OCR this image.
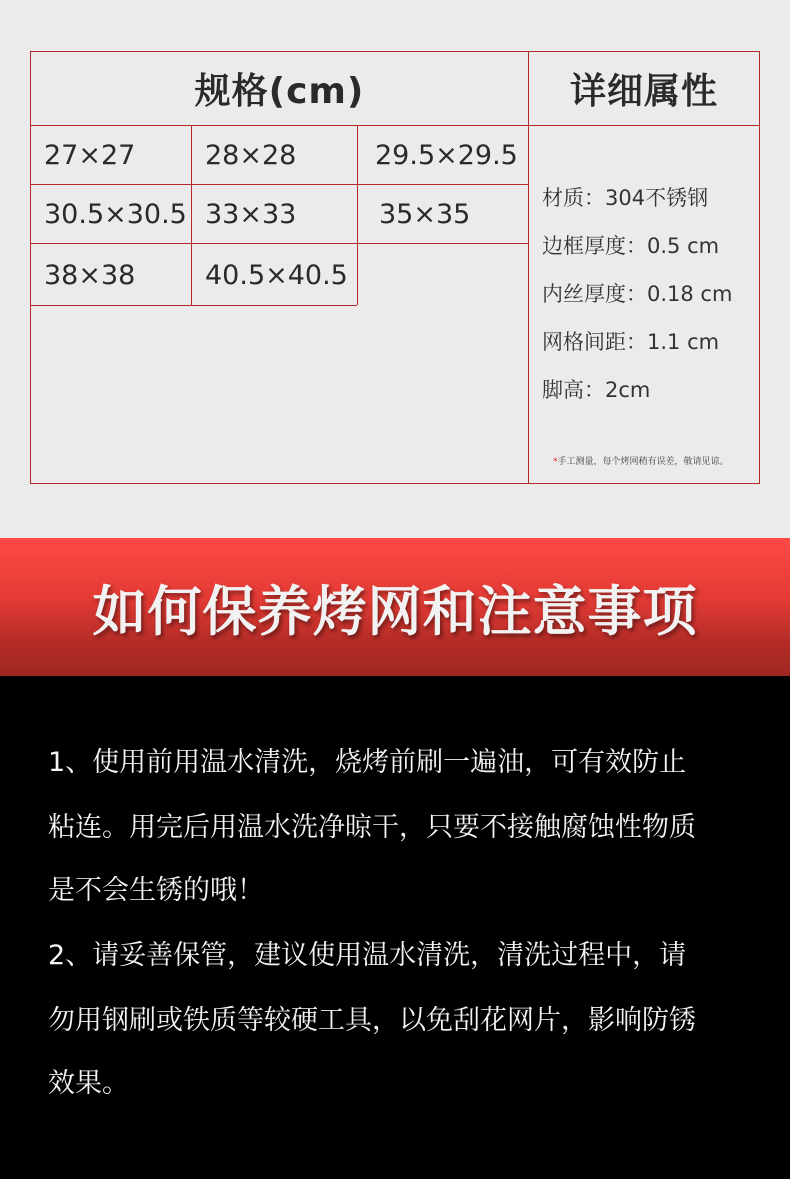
规格(cm)	详细属性
27×27	28×28	29.5×29.5
30.5×30.5 33×33	35×35
38×38	40.5×40.5
材质：304不锈钢
边框厚度：0.5 cm
内丝厚度：0.18 cm
网格间距：1.1 cm
脚高：2cm
*手工测量，每个烤网稍有误差，敬请见谅。
如何保养烤网和注意事项
1、使用前用温水清洗，烧烤前刷一遍油，可有效防止
粘连。用完后用温水洗净晾干，只要不接触腐蚀性物质
是不会生锈的哦！
2、请妥善保管，建议使用温水清洗，清洗过程中，请
勿用钢刷或铁质等较硬工具，以免刮花网片，影响防锈
效果。
